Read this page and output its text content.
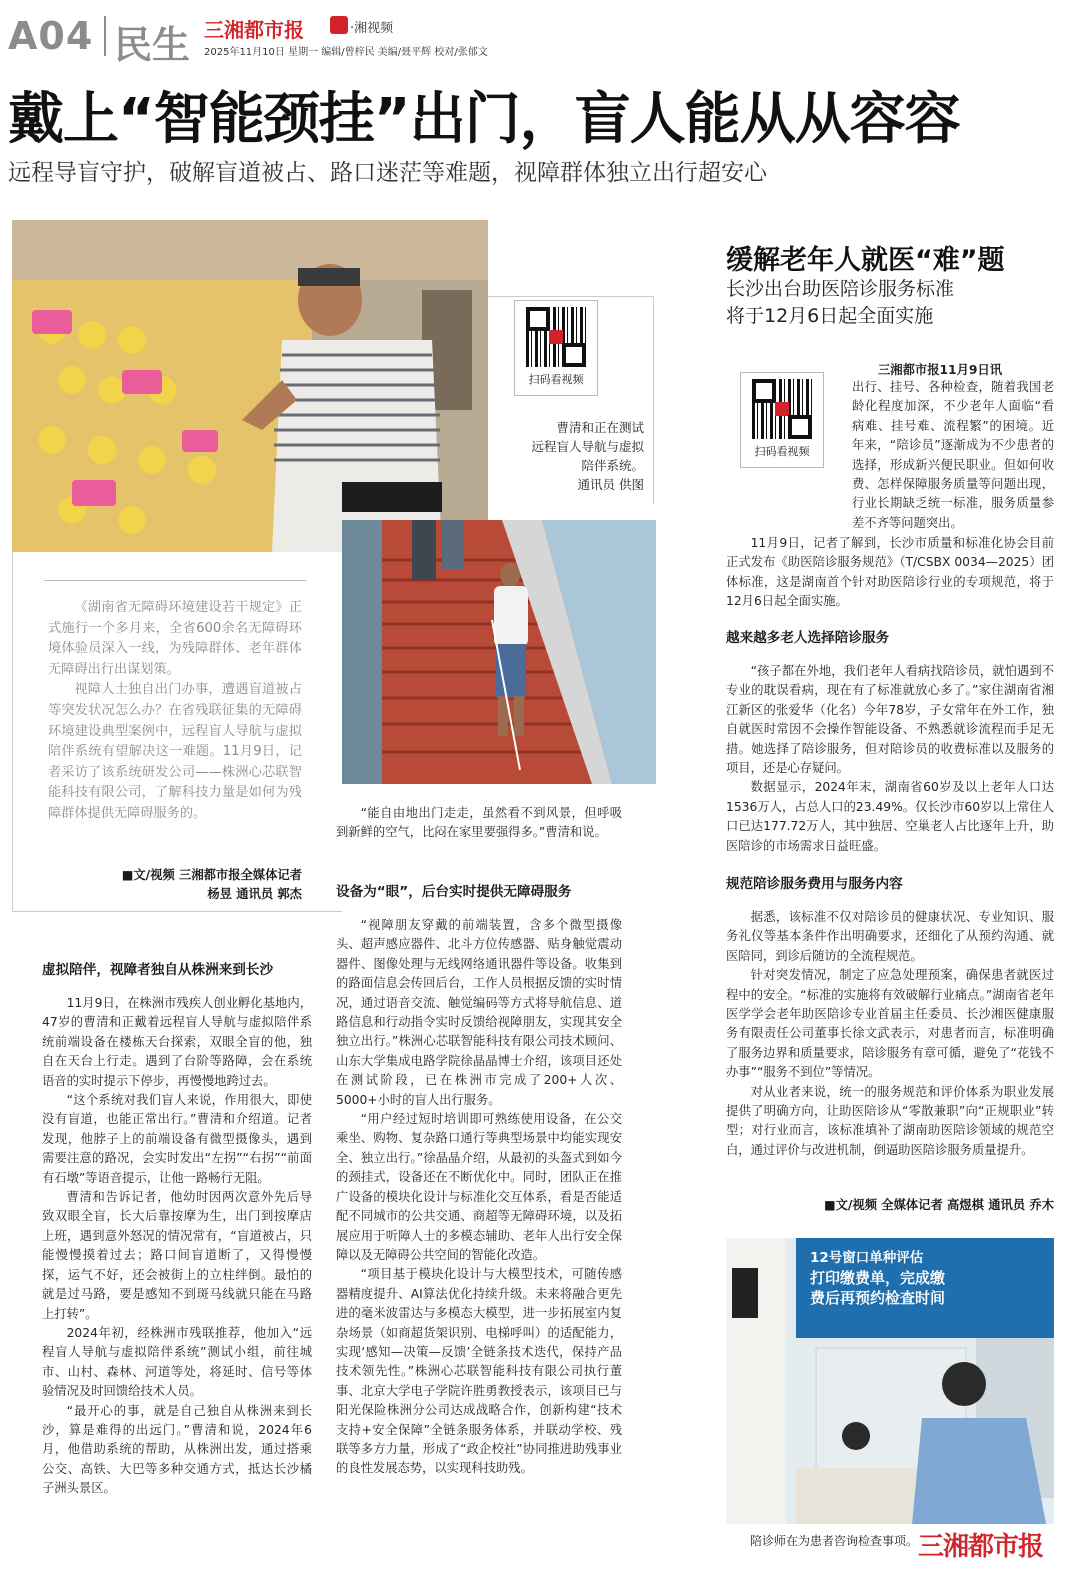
A04 民生 三湘都市报	·湘视频
2025年11月10日 星期一 编辑/曾梓民 美编/聂平辉 校对/张郁文
戴上“智能颈挂”出门，盲人能从从容容
远程导盲守护，破解盲道被占、路口迷茫等难题，视障群体独立出行超安心
扫码看视频
曹清和正在测试
远程盲人导航与虚拟
陪伴系统。
通讯员 供图

《湖南省无障碍环境建设若干规定》正式施行一个多月来，全省600余名无障碍环境体验员深入一线，为残障群体、老年群体无障碍出行出谋划策。

视障人士独自出门办事，遭遇盲道被占等突发状况怎么办？在省残联征集的无障碍环境建设典型案例中，远程盲人导航与虚拟陪伴系统有望解决这一难题。11月9日，记者采访了该系统研发公司——株洲心芯联智能科技有限公司，了解科技力量是如何为残障群体提供无障碍服务的。

■文/视频 三湘都市报全媒体记者
杨昱 通讯员 郭杰
虚拟陪伴，视障者独自从株洲来到长沙

11月9日，在株洲市残疾人创业孵化基地内，47岁的曹清和正戴着远程盲人导航与虚拟陪伴系统前端设备在楼栋天台探索，双眼全盲的他，独自在天台上行走。遇到了台阶等路障，会在系统语音的实时提示下停步，再慢慢地跨过去。

“这个系统对我们盲人来说，作用很大，即使没有盲道，也能正常出行。”曹清和介绍道。记者发现，他脖子上的前端设备有微型摄像头，遇到需要注意的路况，会实时发出“左拐”“右拐”“前面有石墩”等语音提示，让他一路畅行无阻。

曹清和告诉记者，他幼时因两次意外先后导致双眼全盲，长大后靠按摩为生，出门到按摩店上班，遇到意外怒况的情况常有，“盲道被占，只能慢慢摸着过去；路口间盲道断了，又得慢慢探，运气不好，还会被街上的立柱绊倒。最怕的就是过马路，要是感知不到斑马线就只能在马路上打转”。

2024年初，经株洲市残联推荐，他加入“远程盲人导航与虚拟陪伴系统”测试小组，前往城市、山村、森林、河道等处，将延时、信号等体验情况及时回馈给技术人员。

“最开心的事，就是自己独自从株洲来到长沙，算是难得的出远门。”曹清和说，2024年6月，他借助系统的帮助，从株洲出发，通过搭乘公交、高铁、大巴等多种交通方式，抵达长沙橘子洲头景区。

“能自由地出门走走，虽然看不到风景，但呼吸到新鲜的空气，比闷在家里要强得多。”曹清和说。

设备为“眼”，后台实时提供无障碍服务

“视障朋友穿戴的前端装置，含多个微型摄像头、超声感应器件、北斗方位传感器、贴身触觉震动器件、图像处理与无线网络通讯器件等设备。收集到的路面信息会传回后台，工作人员根据反馈的实时情况，通过语音交流、触觉编码等方式将导航信息、道路信息和行动指令实时反馈给视障朋友，实现其安全独立出行。”株洲心芯联智能科技有限公司技术顾问、山东大学集成电路学院徐晶晶博士介绍，该项目还处在测试阶段，已在株洲市完成了200+人次、5000+小时的盲人出行服务。

“用户经过短时培训即可熟练使用设备，在公交乘坐、购物、复杂路口通行等典型场景中均能实现安全、独立出行。”徐晶晶介绍，从最初的头盔式到如今的颈挂式，设备还在不断优化中。同时，团队正在推广设备的模块化设计与标准化交互体系，看是否能适配不同城市的公共交通、商超等无障碍环境，以及拓展应用于听障人士的多模态辅助、老年人出行安全保障以及无障碍公共空间的智能化改造。

“项目基于模块化设计与大模型技术，可随传感器精度提升、AI算法优化持续升级。未来将融合更先进的毫米波雷达与多模态大模型，进一步拓展室内复杂场景（如商超货架识别、电梯呼叫）的适配能力，实现‘感知—决策—反馈’全链条技术迭代，保持产品技术领先性。”株洲心芯联智能科技有限公司执行董事、北京大学电子学院许胜勇教授表示，该项目已与阳光保险株洲分公司达成战略合作，创新构建“技术支持+安全保障”全链条服务体系，并联动学校、残联等多方力量，形成了“政企校社”协同推进助残事业的良性发展态势，以实现科技助残。

缓解老年人就医“难”题
长沙出台助医陪诊服务标准
将于12月6日起全面实施
扫码看视频
三湘都市报11月9日讯
出行、挂号、各种检查，随着我国老龄化程度加深，不少老年人面临“看病难、挂号难、流程繁”的困境。近年来，“陪诊员”逐渐成为不少患者的选择，形成新兴便民职业。但如何收费、怎样保障服务质量等问题出现，行业长期缺乏统一标准，服务质量参差不齐等问题突出。

11月9日，记者了解到，长沙市质量和标准化协会目前正式发布《助医陪诊服务规范》（T/CSBX 0034—2025）团体标准，这是湖南首个针对助医陪诊行业的专项规范，将于12月6日起全面实施。

越来越多老人选择陪诊服务

“孩子都在外地，我们老年人看病找陪诊员，就怕遇到不专业的耽误看病，现在有了标准就放心多了。”家住湖南省湘江新区的张爱华（化名）今年78岁，子女常年在外工作，独自就医时常因不会操作智能设备、不熟悉就诊流程而手足无措。她选择了陪诊服务，但对陪诊员的收费标准以及服务的项目，还是心存疑问。

数据显示，2024年末，湖南省60岁及以上老年人口达1536万人，占总人口的23.49%。仅长沙市60岁以上常住人口已达177.72万人，其中独居、空巢老人占比逐年上升，助医陪诊的市场需求日益旺盛。

规范陪诊服务费用与服务内容

据悉，该标准不仅对陪诊员的健康状况、专业知识、服务礼仪等基本条件作出明确要求，还细化了从预约沟通、就医陪同，到诊后随访的全流程规范。

针对突发情况，制定了应急处理预案，确保患者就医过程中的安全。“标准的实施将有效破解行业痛点。”湖南省老年医学学会老年助医陪诊专业首届主任委员、长沙湘医健康服务有限责任公司董事长徐文武表示，对患者而言，标准明确了服务边界和质量要求，陪诊服务有章可循，避免了“花钱不办事”“服务不到位”等情况。

对从业者来说，统一的服务规范和评价体系为职业发展提供了明确方向，让助医陪诊从“零散兼职”向“正规职业”转型；对行业而言，该标准填补了湖南助医陪诊领域的规范空白，通过评价与改进机制，倒逼助医陪诊服务质量提升。

■文/视频 全媒体记者 高煜棋 通讯员 乔木
12号窗口单种评估
打印缴费单，完成缴
费后再预约检查时间
陪诊师在为患者咨询检查事项。 三湘都市报
